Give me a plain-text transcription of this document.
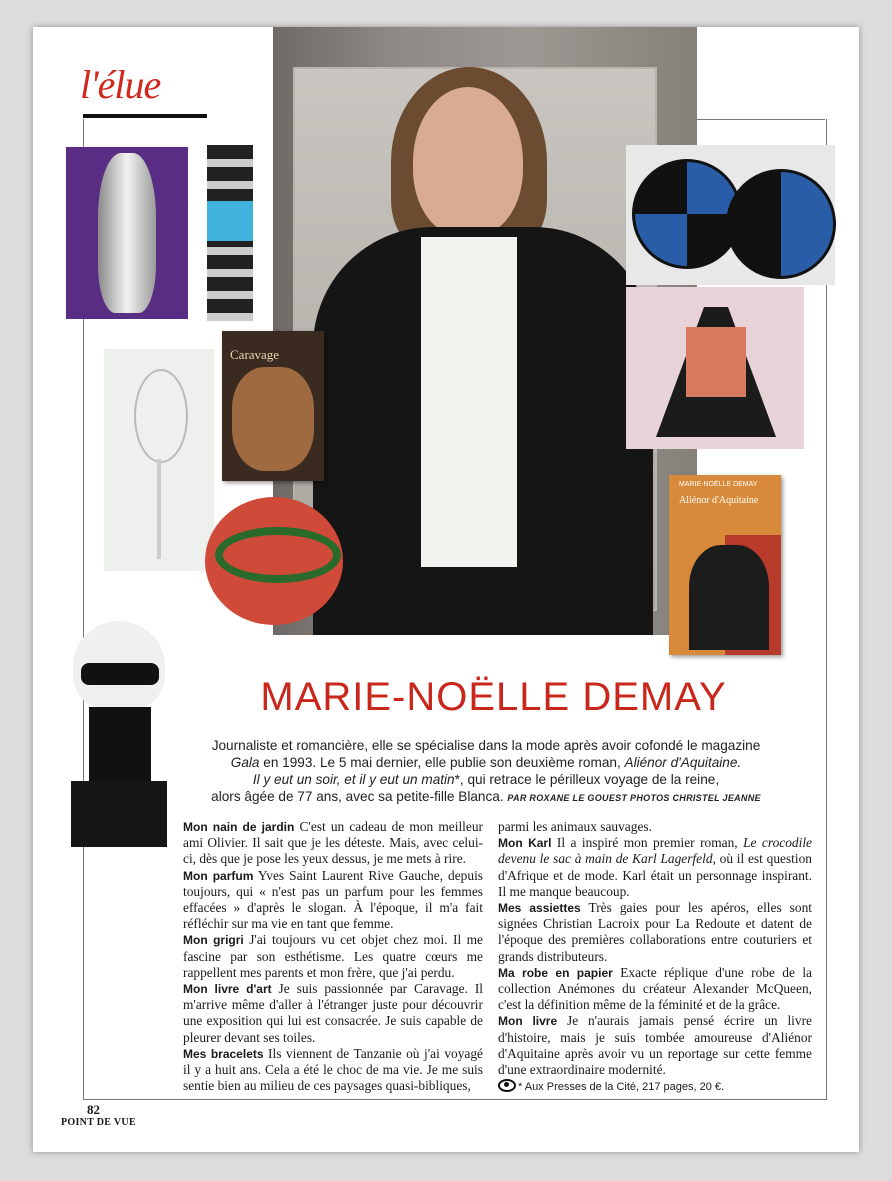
l'élue
Caravage
MARIE-NOËLLE DEMAY
Aliénor d'Aquitaine
MARIE-NOËLLE DEMAY
Journaliste et romancière, elle se spécialise dans la mode après avoir cofondé le magazine
Gala en 1993. Le 5 mai dernier, elle publie son deuxième roman, Aliénor d'Aquitaine.
Il y eut un soir, et il y eut un matin*, qui retrace le périlleux voyage de la reine,
alors âgée de 77 ans, avec sa petite-fille Blanca. PAR ROXANE LE GOUEST PHOTOS CHRISTEL JEANNE

Mon nain de jardin C'est un cadeau de mon meilleur ami Olivier. Il sait que je les déteste. Mais, avec celui-ci, dès que je pose les yeux dessus, je me mets à rire.

Mon parfum Yves Saint Laurent Rive Gauche, depuis toujours, qui « n'est pas un parfum pour les femmes effacées » d'après le slogan. À l'époque, il m'a fait réfléchir sur ma vie en tant que femme.

Mon grigri J'ai toujours vu cet objet chez moi. Il me fascine par son esthétisme. Les quatre cœurs me rappellent mes parents et mon frère, que j'ai perdu.

Mon livre d'art Je suis passionnée par Caravage. Il m'arrive même d'aller à l'étranger juste pour découvrir une exposition qui lui est consacrée. Je suis capable de pleurer devant ses toiles.

Mes bracelets Ils viennent de Tanzanie où j'ai voyagé il y a huit ans. Cela a été le choc de ma vie. Je me suis sentie bien au milieu de ces paysages quasi-bibliques,

parmi les animaux sauvages.

Mon Karl Il a inspiré mon premier roman, Le crocodile devenu le sac à main de Karl Lagerfeld, où il est question d'Afrique et de mode. Karl était un personnage inspirant. Il me manque beaucoup.

Mes assiettes Très gaies pour les apéros, elles sont signées Christian Lacroix pour La Redoute et datent de l'époque des premières collaborations entre couturiers et grands distributeurs.

Ma robe en papier Exacte réplique d'une robe de la collection Anémones du créateur Alexander McQueen, c'est la définition même de la féminité et de la grâce.

Mon livre Je n'aurais jamais pensé écrire un livre d'histoire, mais je suis tombée amoureuse d'Aliénor d'Aquitaine après avoir vu un reportage sur cette femme d'une extraordinaire modernité.

* Aux Presses de la Cité, 217 pages, 20 €.

82
POINT DE VUE
